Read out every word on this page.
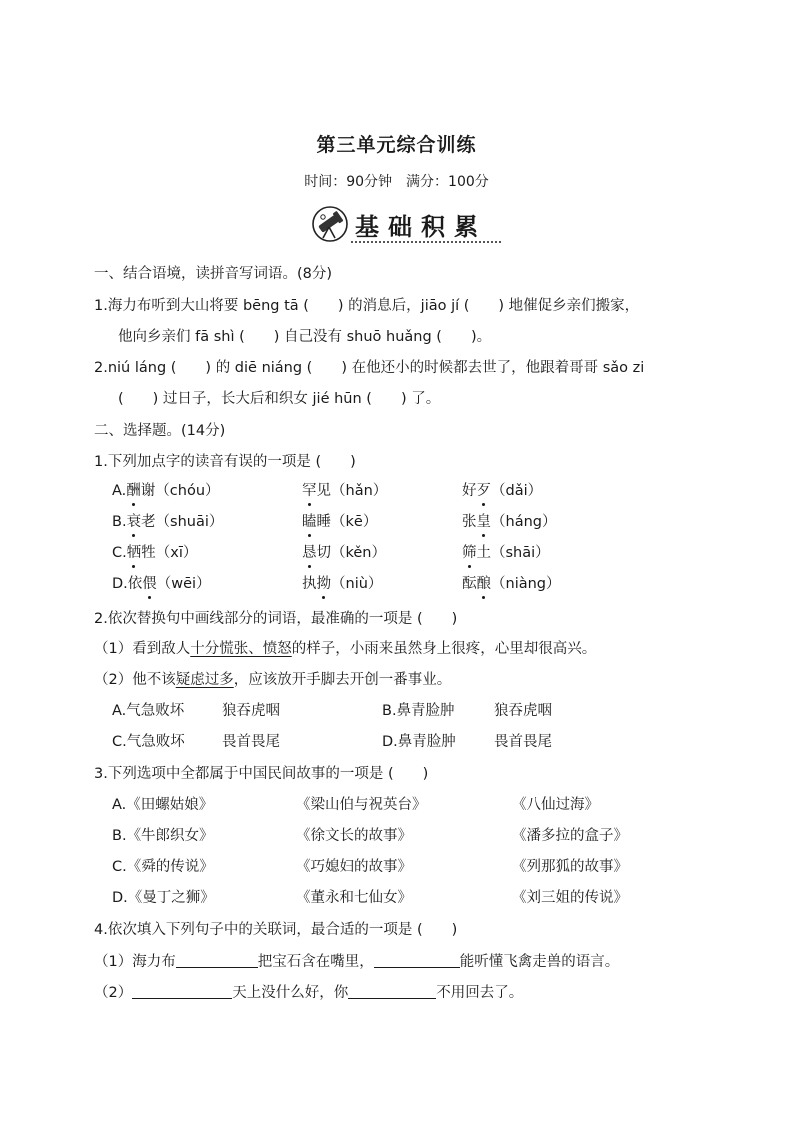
第三单元综合训练
时间：90分钟　满分：100分
基础积累
一、结合语境，读拼音写词语。(8分)
1.海力布听到大山将要 bēng tā (　　) 的消息后，jiāo jí (　　) 地催促乡亲们搬家，
他向乡亲们 fā shì (　　) 自己没有 shuō huǎng (　　)。
2.niú láng (　　) 的 diē niáng (　　) 在他还小的时候都去世了，他跟着哥哥 sǎo zi
(　　) 过日子，长大后和织女 jié hūn (　　) 了。
二、选择题。(14分)
1.下列加点字的读音有误的一项是 (　　)
A.酬谢（chóu）	罕见（hǎn）	好歹（dǎi）
B.衰老（shuāi）	瞌睡（kē）	张皇（háng）
C.牺牲（xī）	恳切（kěn）	筛土（shāi）
D.依偎（wēi）	执拗（niù）	酝酿（niàng）
2.依次替换句中画线部分的词语，最准确的一项是 (　　)
（1）看到敌人十分慌张、愤怒的样子，小雨来虽然身上很疼，心里却很高兴。
（2）他不该疑虑过多，应该放开手脚去开创一番事业。
A.气急败坏	狼吞虎咽	B.鼻青脸肿	狼吞虎咽
C.气急败坏	畏首畏尾	D.鼻青脸肿	畏首畏尾
3.下列选项中全都属于中国民间故事的一项是 (　　)
A.《田螺姑娘》	《梁山伯与祝英台》	《八仙过海》
B.《牛郎织女》	《徐文长的故事》	《潘多拉的盒子》
C.《舜的传说》	《巧媳妇的故事》	《列那狐的故事》
D.《曼丁之狮》	《董永和七仙女》	《刘三姐的传说》
4.依次填入下列句子中的关联词，最合适的一项是 (　　)
（1）海力布	把宝石含在嘴里，	能听懂飞禽走兽的语言。
（2）	天上没什么好，你	不用回去了。
